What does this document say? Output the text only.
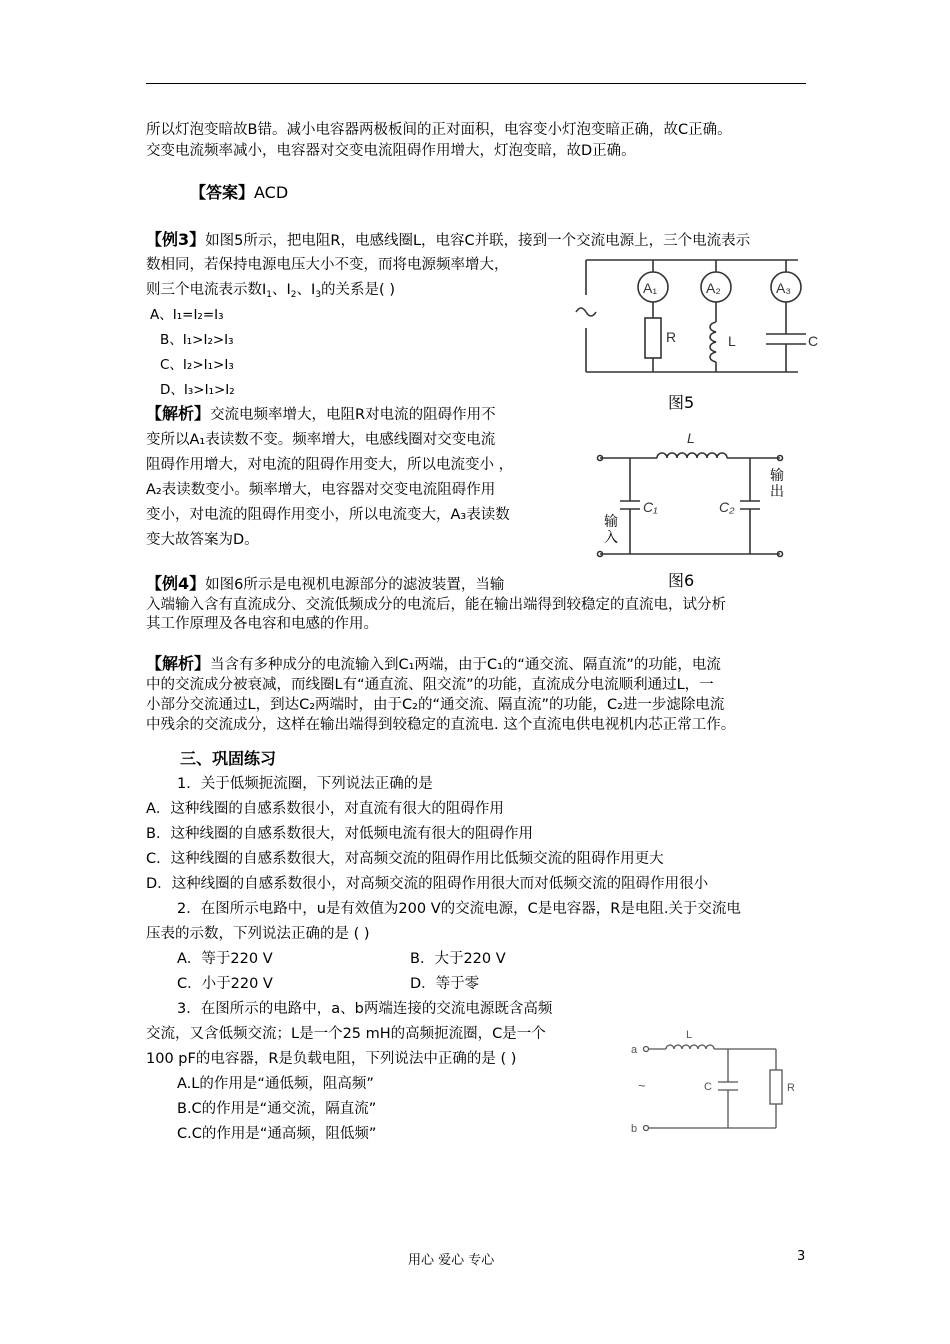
所以灯泡变暗故B错。减小电容器两极板间的正对面积，电容变小灯泡变暗正确，故C正确。
交变电流频率减小，电容器对交变电流阻碍作用增大，灯泡变暗，故D正确。
【答案】ACD
【例3】如图5所示，把电阻R，电感线圈L，电容C并联，接到一个交流电源上，三个电流表示
数相同，若保持电源电压大小不变，而将电源频率增大，
则三个电流表示数$I_1$、$I_2$、$I_3$的关系是( )
A、I₁=I₂=I₃
B、I₁>I₂>I₃
C、I₂>I₁>I₃
D、I₃>I₁>I₂
【解析】交流电频率增大，电阻R对电流的阻碍作用不
变所以A₁表读数不变。频率增大，电感线圈对交变电流
阻碍作用增大，对电流的阻碍作用变大，所以电流变小 ，
A₂表读数变小。频率增大，电容器对交变电流阻碍作用
变小，对电流的阻碍作用变小，所以电流变大，A₃表读数
变大故答案为D。
A₁	A₂	A₃
R	L	C
图5
L
C₁	C₂
输入
输出
图6
【例4】如图6所示是电视机电源部分的滤波装置，当输
入端输入含有直流成分、交流低频成分的电流后，能在输出端得到较稳定的直流电，试分析
其工作原理及各电容和电感的作用。
【解析】当含有多种成分的电流输入到C₁两端，由于C₁的“通交流、隔直流”的功能，电流
中的交流成分被衰减，而线圈L有“通直流、阻交流”的功能，直流成分电流顺利通过L，一
小部分交流通过L，到达C₂两端时，由于C₂的“通交流、隔直流”的功能，C₂进一步滤除电流
中残余的交流成分，这样在输出端得到较稳定的直流电. 这个直流电供电视机内芯正常工作。
三、巩固练习
1．关于低频扼流圈，下列说法正确的是
A．这种线圈的自感系数很小，对直流有很大的阻碍作用
B．这种线圈的自感系数很大，对低频电流有很大的阻碍作用
C．这种线圈的自感系数很大，对高频交流的阻碍作用比低频交流的阻碍作用更大
D．这种线圈的自感系数很小，对高频交流的阻碍作用很大而对低频交流的阻碍作用很小
2．在图所示电路中，u是有效值为200 V的交流电源，C是电容器，R是电阻.关于交流电
压表的示数，下列说法正确的是 ( )
A．等于220 V	B．大于220 V
C．小于220 V	D．等于零
3．在图所示的电路中，a、b两端连接的交流电源既含高频
交流，又含低频交流；L是一个25 mH的高频扼流圈，C是一个
100 pF的电容器，R是负载电阻，下列说法中正确的是 ( )
A.L的作用是“通低频，阻高频”
B.C的作用是“通交流，隔直流”
C.C的作用是“通高频，阻低频”
a
b
L
C	R
~
用心 爱心 专心	3
